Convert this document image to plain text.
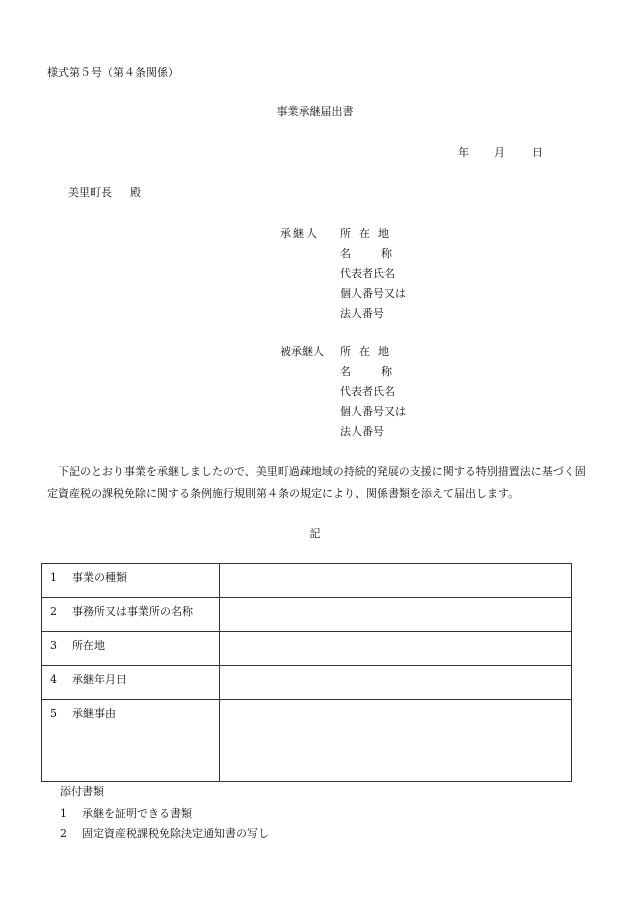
様式第５号（第４条関係）
事業承継届出書
年 月 日
美里町長 殿
承継人 所在地
名称
代表者氏名
個人番号又は
法人番号
被承継人 所在地
名称
代表者氏名
個人番号又は
法人番号
下記のとおり事業を承継しましたので、美里町過疎地域の持続的発展の支援に関する特別措置法に基づく固定資産税の課税免除に関する条例施行規則第４条の規定により、関係書類を添えて届出します。
記
1 事業の種類	
2 事務所又は事業所の名称	
3 所在地	
4 承継年月日	
5 承継事由	
添付書類
1 承継を証明できる書類
2 固定資産税課税免除決定通知書の写し
